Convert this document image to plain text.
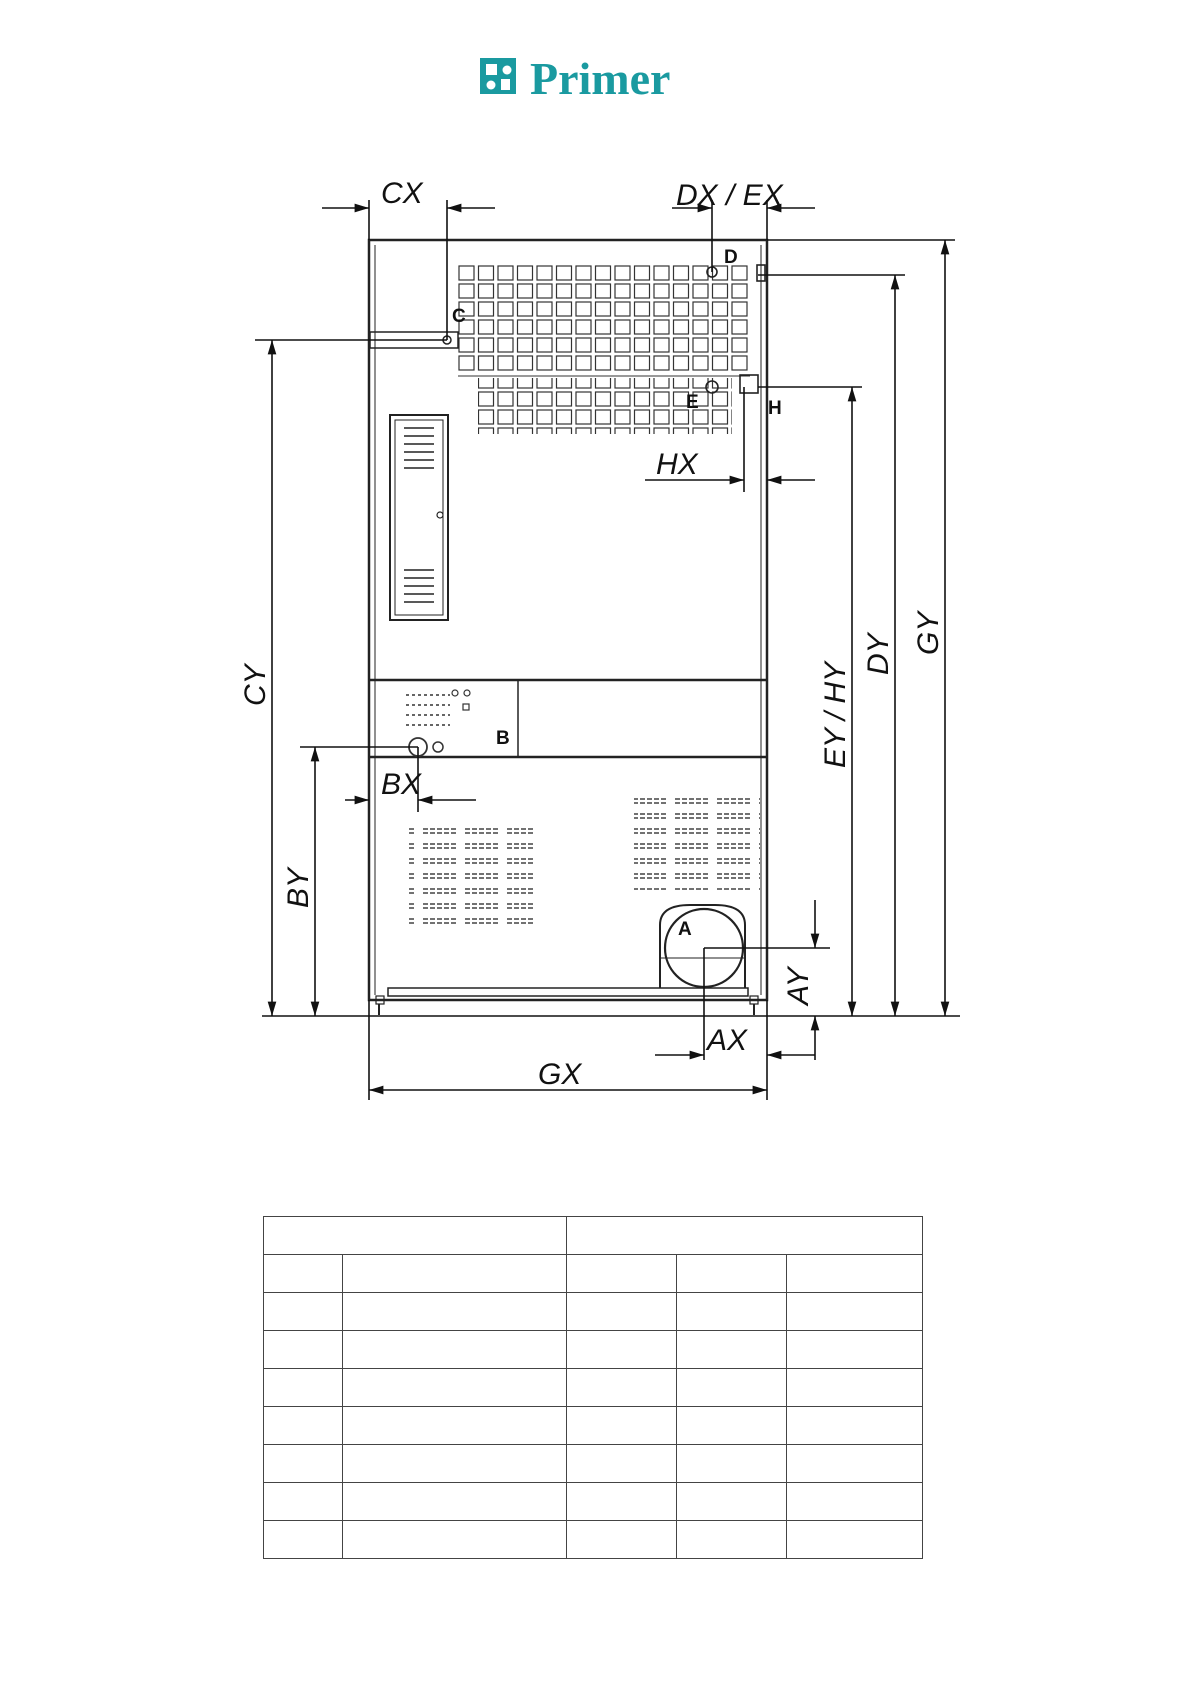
Primer
CX	DX / EX
HX
BX
AX
GX
CY
BY
EY / HY
DY GY
AY
C
D
E	H
B
A
